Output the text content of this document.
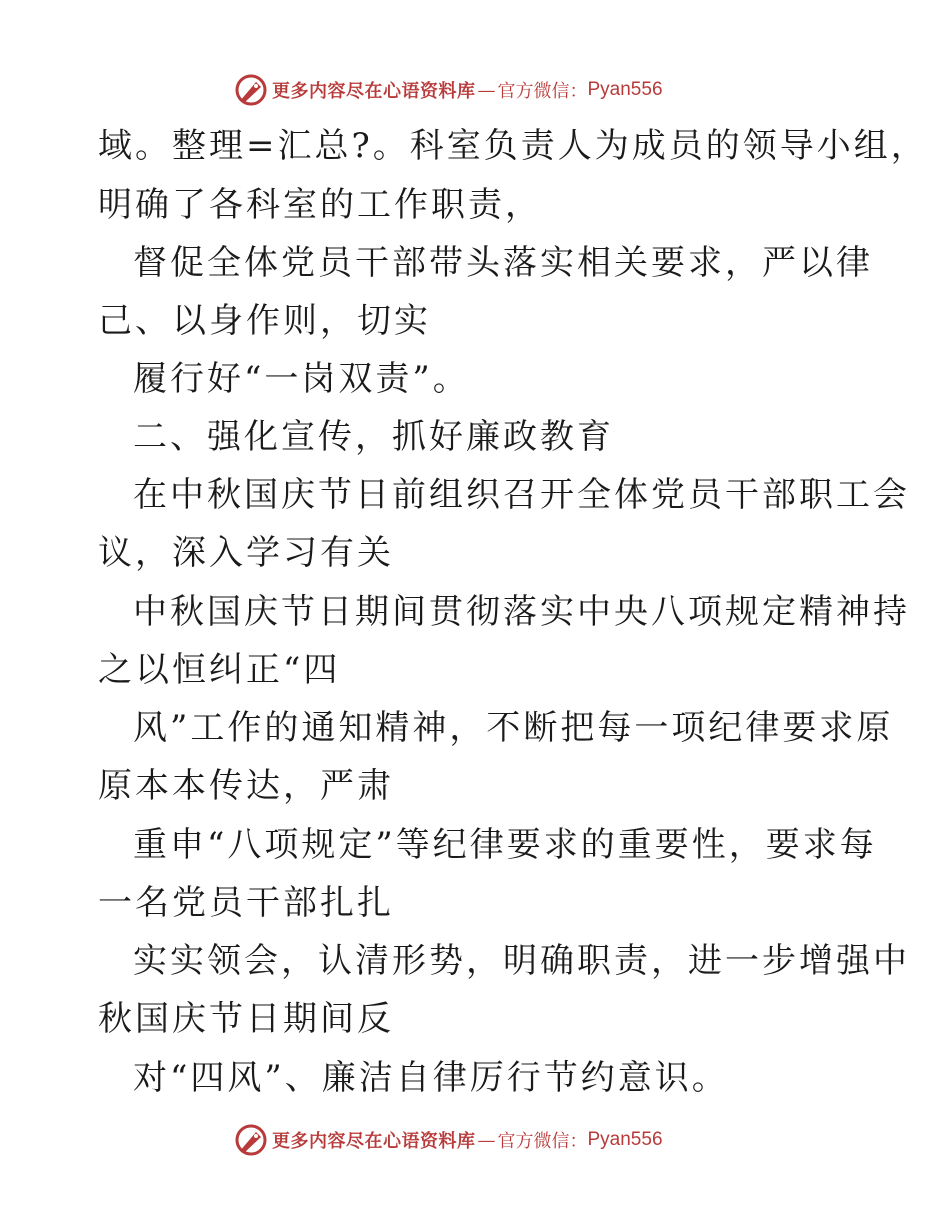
更多内容尽在心语资料库 — 官方微信： Pyan556
域。整理=汇总?。科室负责人为成员的领导小组，
明确了各科室的工作职责，
督促全体党员干部带头落实相关要求，严以律
己、以身作则，切实
履行好“一岗双责”。
二、强化宣传，抓好廉政教育
在中秋国庆节日前组织召开全体党员干部职工会
议，深入学习有关
中秋国庆节日期间贯彻落实中央八项规定精神持
之以恒纠正“四
风”工作的通知精神，不断把每一项纪律要求原
原本本传达，严肃
重申“八项规定”等纪律要求的重要性，要求每
一名党员干部扎扎
实实领会，认清形势，明确职责，进一步增强中
秋国庆节日期间反
对“四风”、廉洁自律厉行节约意识。
更多内容尽在心语资料库 — 官方微信： Pyan556
